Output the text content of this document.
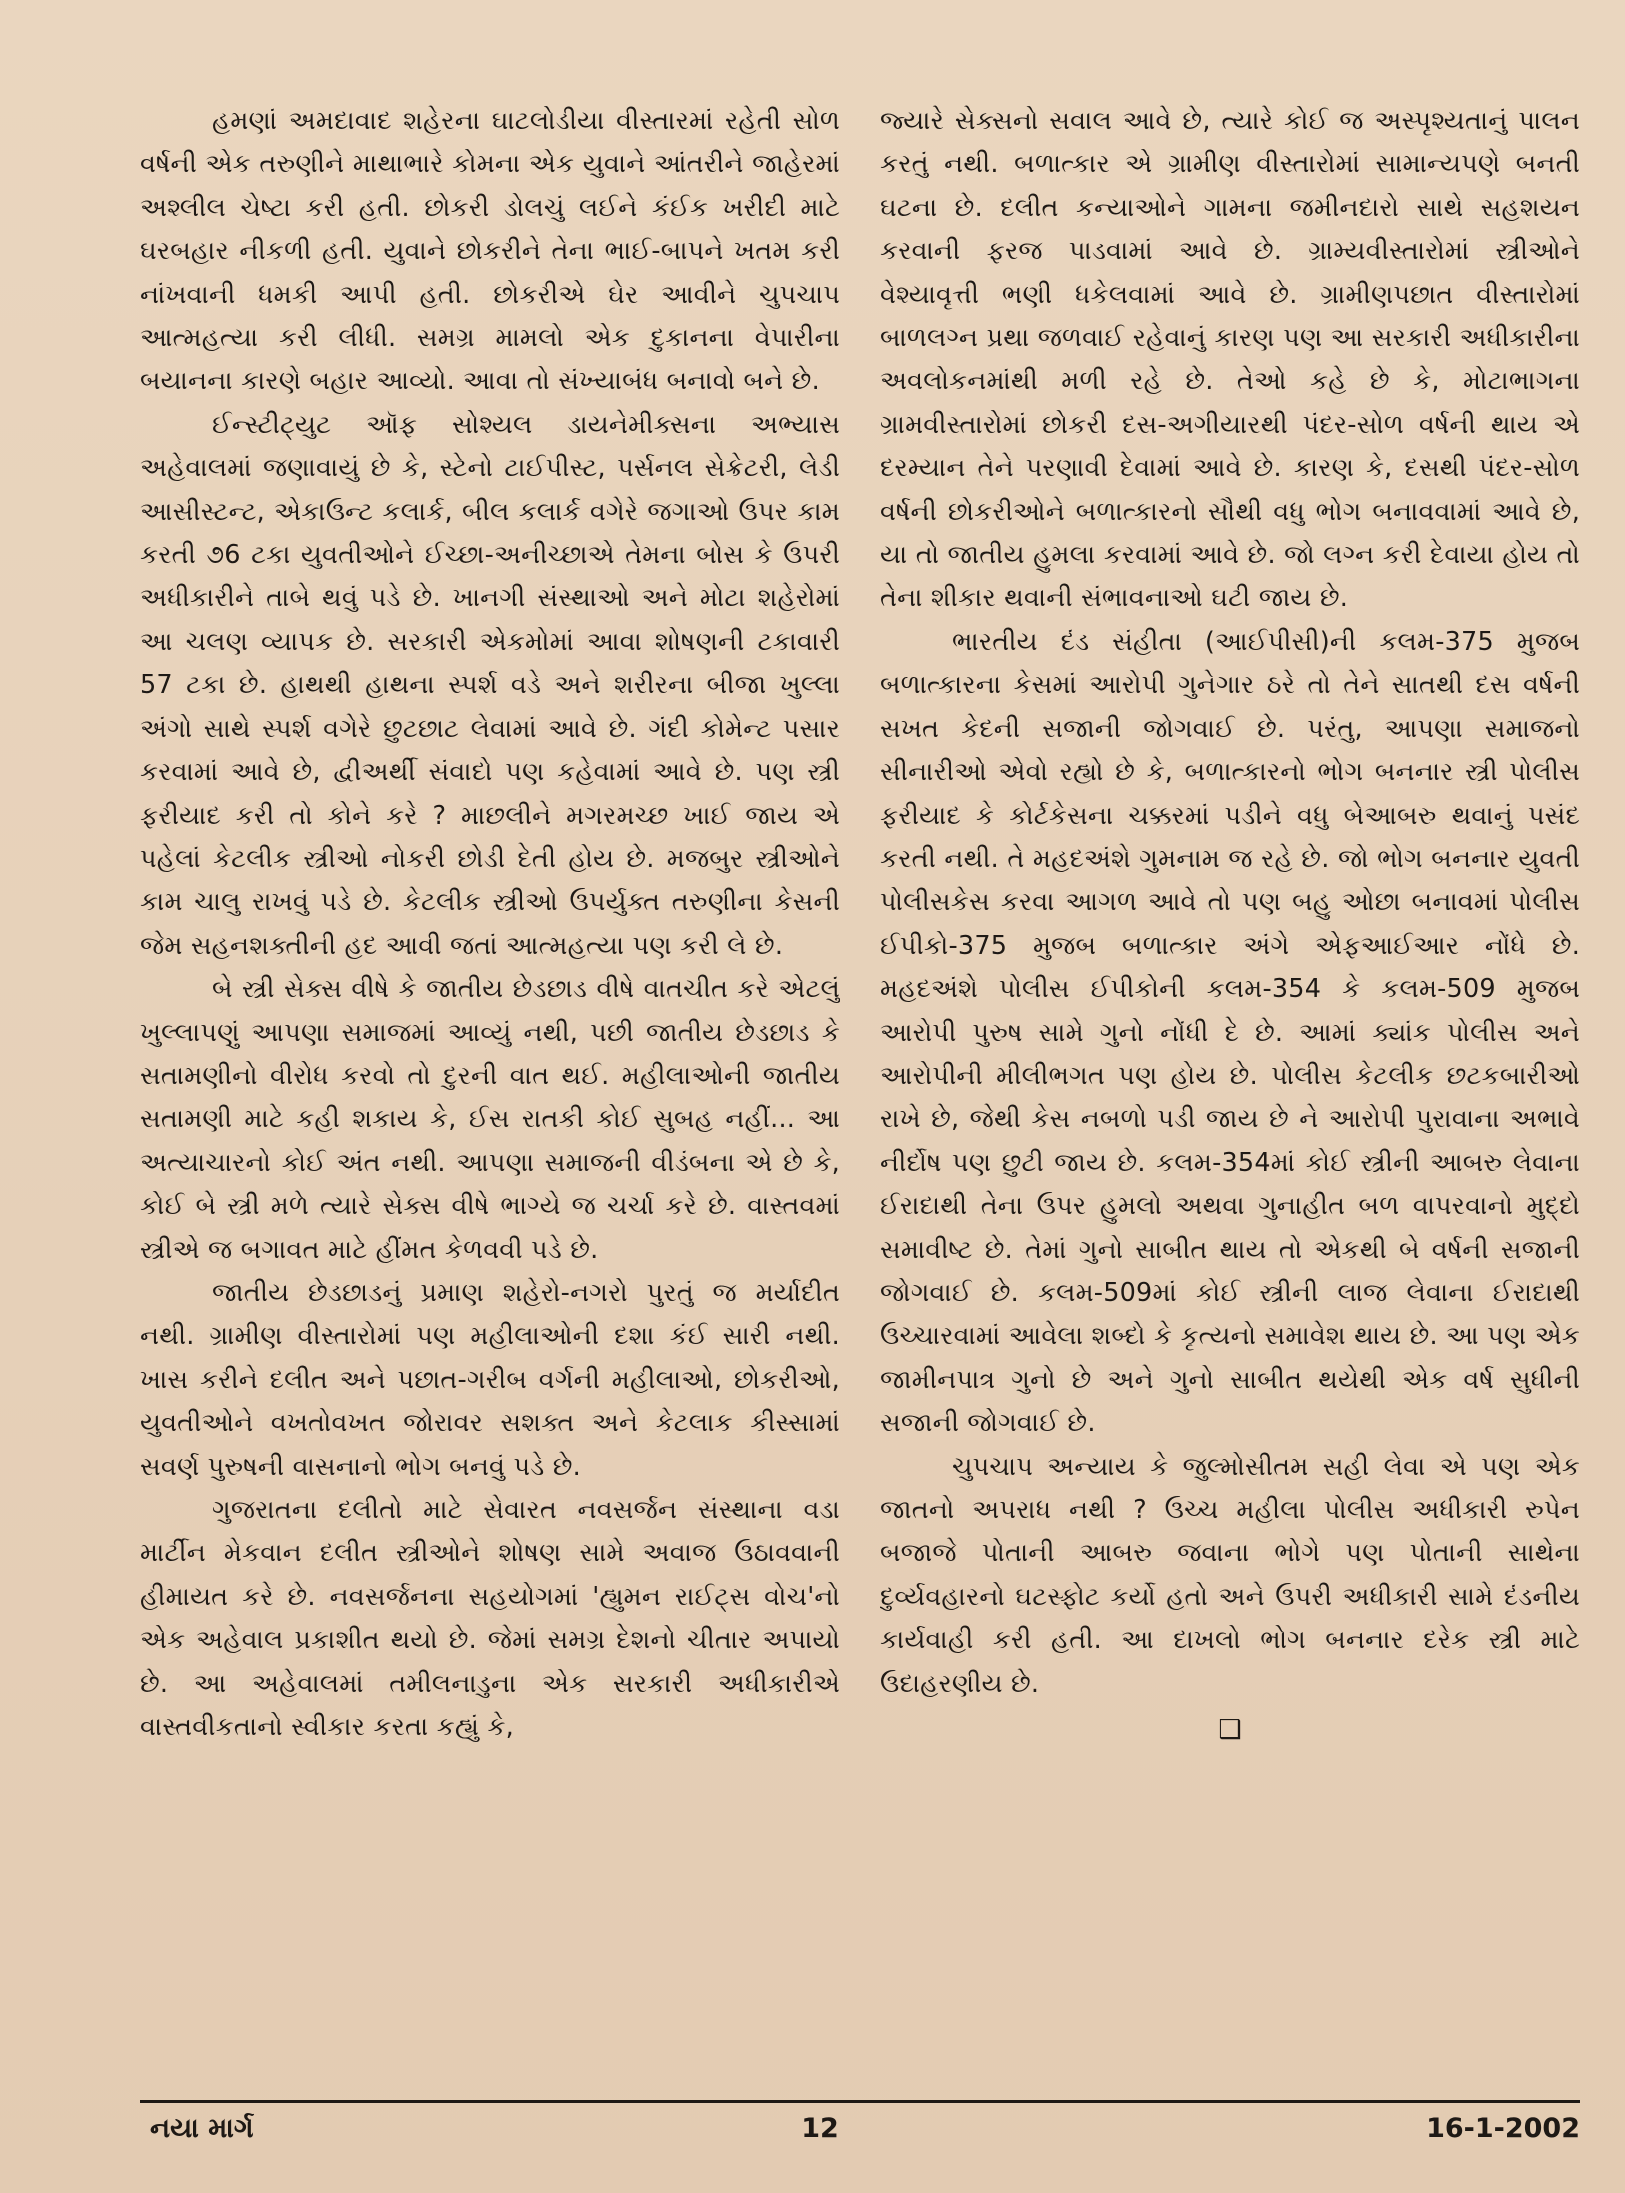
હમણાં અમદાવાદ શહેરના ઘાટલોડીયા વીસ્તારમાં રહેતી સોળ વર્ષની એક તરુણીને માથાભારે કોમના એક યુવાને આંતરીને જાહેરમાં અશ્લીલ ચેષ્ટા કરી હતી. છોકરી ડોલચું લઈને કંઈક ખરીદી માટે ઘરબહાર નીકળી હતી. યુવાને છોકરીને તેના ભાઈ-બાપને ખતમ કરી નાંખવાની ધમકી આપી હતી. છોકરીએ ઘેર આવીને ચુપચાપ આત્મહત્યા કરી લીધી. સમગ્ર મામલો એક દુકાનના વેપારીના બયાનના કારણે બહાર આવ્યો. આવા તો સંખ્યાબંધ બનાવો બને છે.

ઈન્સ્ટીટ્યુટ ઑફ સોશ્યલ ડાયનેમીક્સના અભ્યાસ અહેવાલમાં જણાવાયું છે કે, સ્ટેનો ટાઈપીસ્ટ, પર્સનલ સેક્રેટરી, લેડી આસીસ્ટન્ટ, એકાઉન્ટ કલાર્ક, બીલ કલાર્ક વગેરે જગાઓ ઉપર કામ કરતી ૭6 ટકા યુવતીઓને ઈચ્છા-અનીચ્છાએ તેમના બોસ કે ઉપરી અધીકારીને તાબે થવું પડે છે. ખાનગી સંસ્થાઓ અને મોટા શહેરોમાં આ ચલણ વ્યાપક છે. સરકારી એકમોમાં આવા શોષણની ટકાવારી 57 ટકા છે. હાથથી હાથના સ્પર્શ વડે અને શરીરના બીજા ખુલ્લા અંગો સાથે સ્પર્શ વગેરે છુટછાટ લેવામાં આવે છે. ગંદી કોમેન્ટ પસાર કરવામાં આવે છે, દ્વીઅર્થી સંવાદો પણ કહેવામાં આવે છે. પણ સ્ત્રી ફરીયાદ કરી તો કોને કરે ? માછલીને મગરમચ્છ ખાઈ જાય એ પહેલાં કેટલીક સ્ત્રીઓ નોકરી છોડી દેતી હોય છે. મજબુર સ્ત્રીઓને કામ ચાલુ રાખવું પડે છે. કેટલીક સ્ત્રીઓ ઉપર્યુક્ત તરુણીના કેસની જેમ સહનશક્તીની હદ આવી જતાં આત્મહત્યા પણ કરી લે છે.

બે સ્ત્રી સેક્સ વીષે કે જાતીય છેડછાડ વીષે વાતચીત કરે એટલું ખુલ્લાપણું આપણા સમાજમાં આવ્યું નથી, પછી જાતીય છેડછાડ કે સતામણીનો વીરોધ કરવો તો દુરની વાત થઈ. મહીલાઓની જાતીય સતામણી માટે કહી શકાય કે, ઈસ રાતકી કોઈ સુબહ નહીં... આ અત્યાચારનો કોઈ અંત નથી. આપણા સમાજની વીડંબના એ છે કે, કોઈ બે સ્ત્રી મળે ત્યારે સેક્સ વીષે ભાગ્યે જ ચર્ચા કરે છે. વાસ્તવમાં સ્ત્રીએ જ બગાવત માટે હીંમત કેળવવી પડે છે.

જાતીય છેડછાડનું પ્રમાણ શહેરો-નગરો પુરતું જ મર્યાદીત નથી. ગ્રામીણ વીસ્તારોમાં પણ મહીલાઓની દશા કંઈ સારી નથી. ખાસ કરીને દલીત અને પછાત-ગરીબ વર્ગની મહીલાઓ, છોકરીઓ, યુવતીઓને વખતોવખત જોરાવર સશક્ત અને કેટલાક કીસ્સામાં સવર્ણ પુરુષની વાસનાનો ભોગ બનવું પડે છે.

ગુજરાતના દલીતો માટે સેવારત નવસર્જન સંસ્થાના વડા માર્ટીન મેકવાન દલીત સ્ત્રીઓને શોષણ સામે અવાજ ઉઠાવવાની હીમાયત કરે છે. નવસર્જનના સહયોગમાં 'હ્યુમન રાઈટ્સ વોચ'નો એક અહેવાલ પ્રકાશીત થયો છે. જેમાં સમગ્ર દેશનો ચીતાર અપાયો છે. આ અહેવાલમાં તમીલનાડુના એક સરકારી અધીકારીએ વાસ્તવીકતાનો સ્વીકાર કરતા કહ્યું કે,

જ્યારે સેક્સનો સવાલ આવે છે, ત્યારે કોઈ જ અસ્પૃશ્યતાનું પાલન કરતું નથી. બળાત્કાર એ ગ્રામીણ વીસ્તારોમાં સામાન્યપણે બનતી ઘટના છે. દલીત કન્યાઓને ગામના જમીનદારો સાથે સહશયન કરવાની ફરજ પાડવામાં આવે છે. ગ્રામ્યવીસ્તારોમાં સ્ત્રીઓને વેશ્યાવૃત્તી ભણી ધકેલવામાં આવે છે. ગ્રામીણપછાત વીસ્તારોમાં બાળલગ્ન પ્રથા જળવાઈ રહેવાનું કારણ પણ આ સરકારી અધીકારીના અવલોકનમાંથી મળી રહે છે. તેઓ કહે છે કે, મોટાભાગના ગ્રામવીસ્તારોમાં છોકરી દસ-અગીયારથી પંદર-સોળ વર્ષની થાય એ દરમ્યાન તેને પરણાવી દેવામાં આવે છે. કારણ કે, દસથી પંદર-સોળ વર્ષની છોકરીઓને બળાત્કારનો સૌથી વધુ ભોગ બનાવવામાં આવે છે, યા તો જાતીય હુમલા કરવામાં આવે છે. જો લગ્ન કરી દેવાયા હોય તો તેના શીકાર થવાની સંભાવનાઓ ઘટી જાય છે.

ભારતીય દંડ સંહીતા (આઈપીસી)ની કલમ-375 મુજબ બળાત્કારના કેસમાં આરોપી ગુનેગાર ઠરે તો તેને સાતથી દસ વર્ષની સખત કેદની સજાની જોગવાઈ છે. પરંતુ, આપણા સમાજનો સીનારીઓ એવો રહ્યો છે કે, બળાત્કારનો ભોગ બનનાર સ્ત્રી પોલીસ ફરીયાદ કે કોર્ટકેસના ચક્કરમાં પડીને વધુ બેઆબરુ થવાનું પસંદ કરતી નથી. તે મહદઅંશે ગુમનામ જ રહે છે. જો ભોગ બનનાર યુવતી પોલીસકેસ કરવા આગળ આવે તો પણ બહુ ઓછા બનાવમાં પોલીસ ઈપીકો-375 મુજબ બળાત્કાર અંગે એફઆઈઆર નોંધે છે. મહદઅંશે પોલીસ ઈપીકોની કલમ-354 કે કલમ-509 મુજબ આરોપી પુરુષ સામે ગુનો નોંધી દે છે. આમાં ક્યાંક પોલીસ અને આરોપીની મીલીભગત પણ હોય છે. પોલીસ કેટલીક છટકબારીઓ રાખે છે, જેથી કેસ નબળો પડી જાય છે ને આરોપી પુરાવાના અભાવે નીર્દોષ પણ છુટી જાય છે. કલમ-354માં કોઈ સ્ત્રીની આબરુ લેવાના ઈરાદાથી તેના ઉપર હુમલો અથવા ગુનાહીત બળ વાપરવાનો મુદ્દો સમાવીષ્ટ છે. તેમાં ગુનો સાબીત થાય તો એકથી બે વર્ષની સજાની જોગવાઈ છે. કલમ-509માં કોઈ સ્ત્રીની લાજ લેવાના ઈરાદાથી ઉચ્ચારવામાં આવેલા શબ્દો કે કૃત્યનો સમાવેશ થાય છે. આ પણ એક જામીનપાત્ર ગુનો છે અને ગુનો સાબીત થયેથી એક વર્ષ સુધીની સજાની જોગવાઈ છે.

ચુપચાપ અન્યાય કે જુલ્મોસીતમ સહી લેવા એ પણ એક જાતનો અપરાધ નથી ? ઉચ્ચ મહીલા પોલીસ અધીકારી રુપેન બજાજે પોતાની આબરુ જવાના ભોગે પણ પોતાની સાથેના દુર્વ્યવહારનો ઘટસ્ફોટ કર્યો હતો અને ઉપરી અધીકારી સામે દંડનીય કાર્યવાહી કરી હતી. આ દાખલો ભોગ બનનાર દરેક સ્ત્રી માટે ઉદાહરણીય છે.

❑
નયા માર્ગ	12	16-1-2002
